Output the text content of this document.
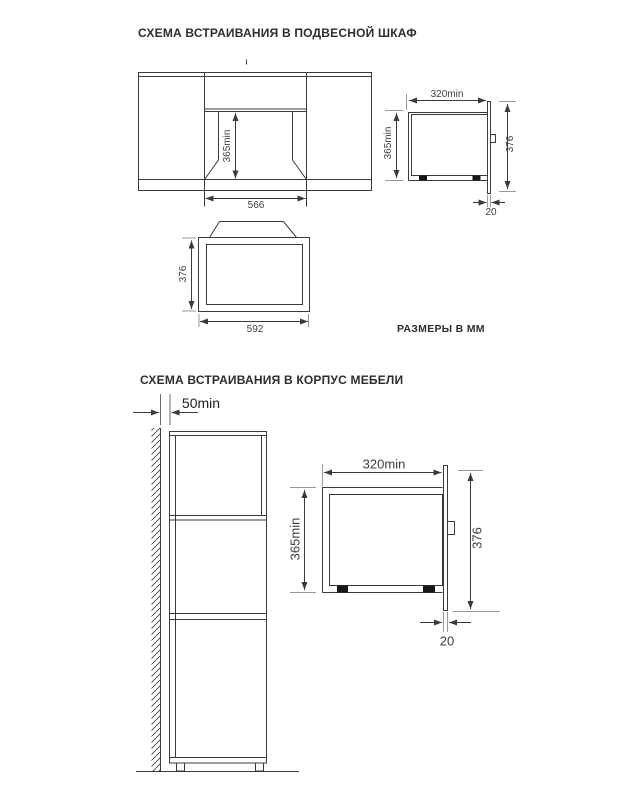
СХЕМА ВСТРАИВАНИЯ В ПОДВЕСНОЙ ШКАФ
365min
566
320min
365min	376
20
376
592	РАЗМЕРЫ В ММ
СХЕМА ВСТРАИВАНИЯ В КОРПУС МЕБЕЛИ
50min
320min
365min	376
20
